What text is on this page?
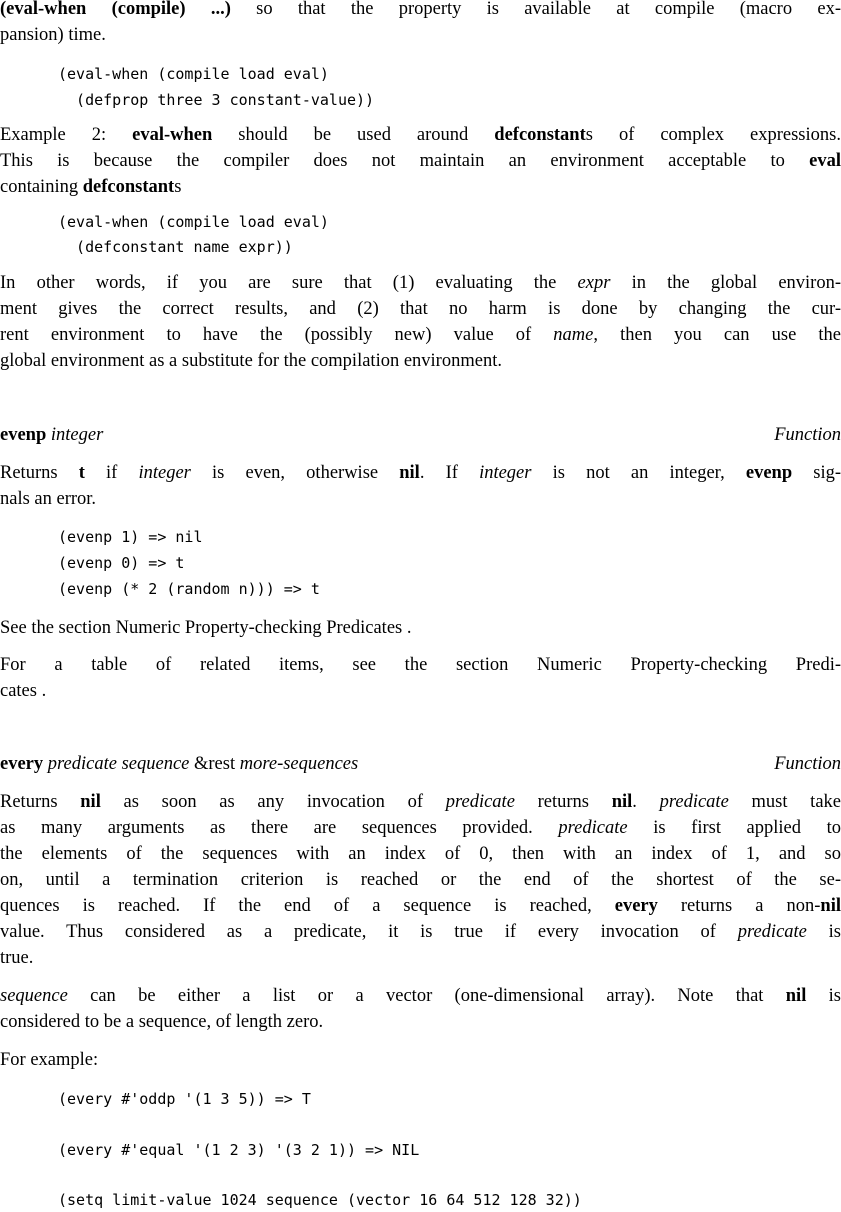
(eval-when (compile) ...) so that the property is available at compile (macro ex-
pansion) time.
(eval-when (compile load eval)
(defprop three 3 constant-value))
Example 2: eval-when should be used around defconstants of complex expressions.
This is because the compiler does not maintain an environment acceptable to eval
containing defconstants
(eval-when (compile load eval)
(defconstant name expr))
In other words, if you are sure that (1) evaluating the expr in the global environ-
ment gives the correct results, and (2) that no harm is done by changing the cur-
rent environment to have the (possibly new) value of name, then you can use the
global environment as a substitute for the compilation environment.
evenp integer	Function
Returns t if integer is even, otherwise nil. If integer is not an integer, evenp sig-
nals an error.
(evenp 1) => nil
(evenp 0) => t
(evenp (* 2 (random n))) => t
See the section Numeric Property-checking Predicates .
For a table of related items, see the section Numeric Property-checking Predi-
cates .
every predicate sequence &rest more-sequences	Function
Returns nil as soon as any invocation of predicate returns nil. predicate must take
as many arguments as there are sequences provided. predicate is first applied to
the elements of the sequences with an index of 0, then with an index of 1, and so
on, until a termination criterion is reached or the end of the shortest of the se-
quences is reached. If the end of a sequence is reached, every returns a non-nil
value. Thus considered as a predicate, it is true if every invocation of predicate is
true.
sequence can be either a list or a vector (one-dimensional array). Note that nil is
considered to be a sequence, of length zero.
For example:
(every #'oddp '(1 3 5)) => T
(every #'equal '(1 2 3) '(3 2 1)) => NIL
(setq limit-value 1024 sequence (vector 16 64 512 128 32))
